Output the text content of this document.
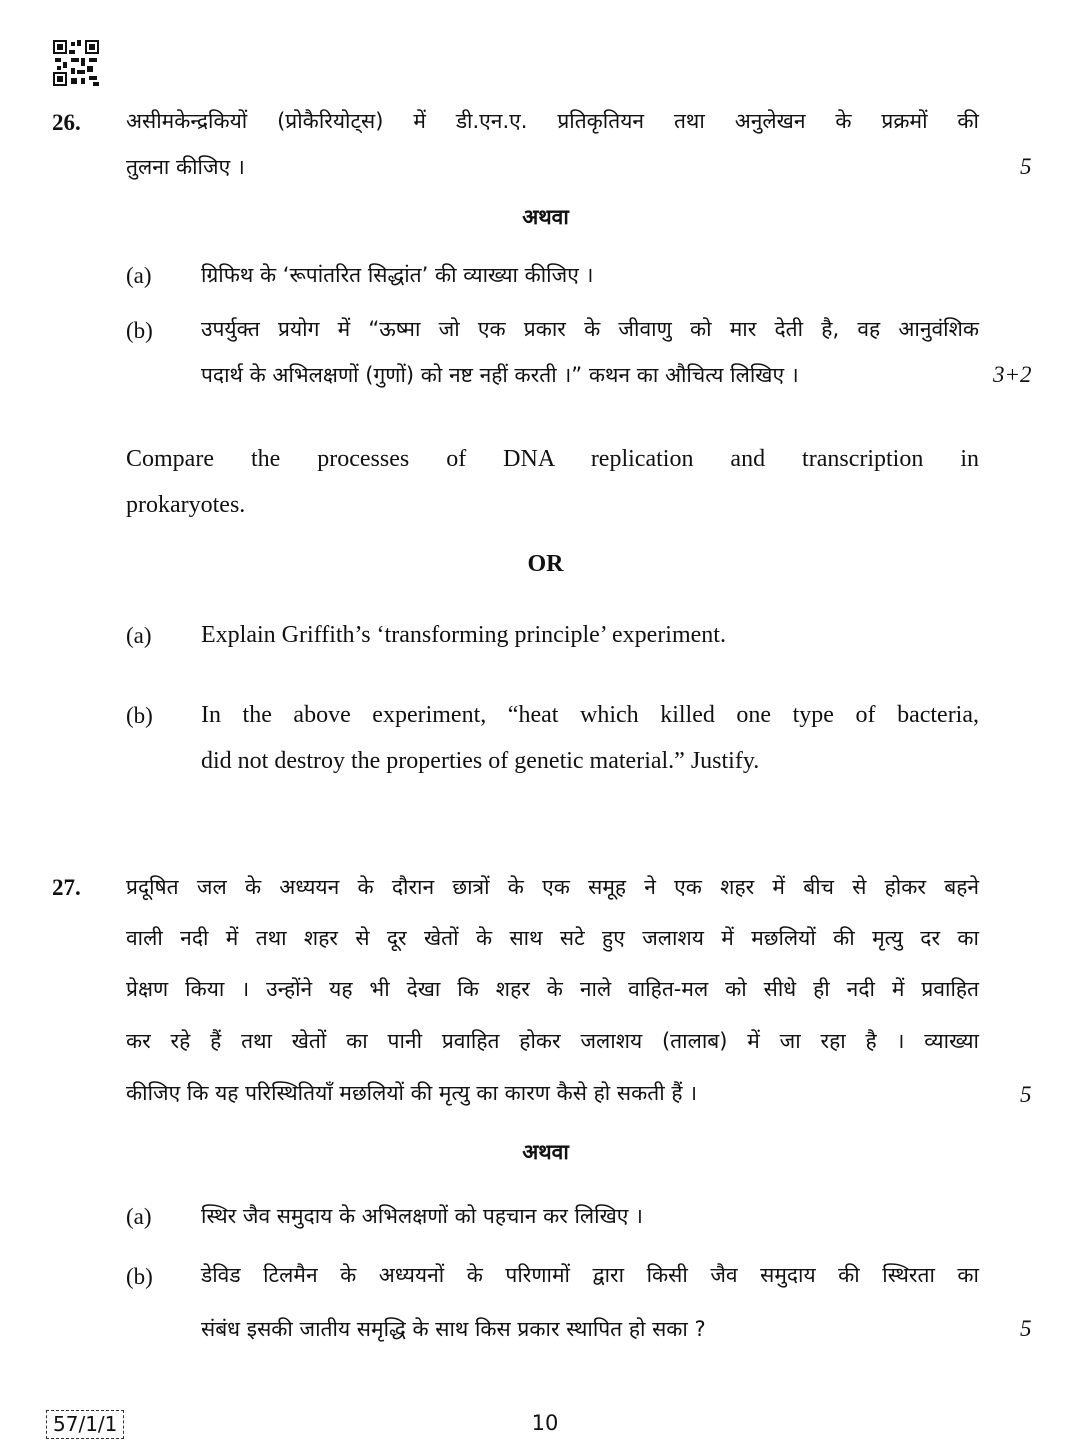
26. असीमकेन्द्रकियों (प्रोकैरियोट्स) में डी.एन.ए. प्रतिकृतियन तथा अनुलेखन के प्रक्रमों की

तुलना कीजिए ।	5

अथवा

(a) ग्रिफिथ के ‘रूपांतरित सिद्धांत’ की व्याख्या कीजिए ।

(b) उपर्युक्त प्रयोग में “ऊष्मा जो एक प्रकार के जीवाणु को मार देती है, वह आनुवंशिक

पदार्थ के अभिलक्षणों (गुणों) को नष्ट नहीं करती ।” कथन का औचित्य लिखिए ।	3+2

Compare the processes of DNA replication and transcription in

prokaryotes.

OR

(a) Explain Griffith’s ‘transforming principle’ experiment.

(b) In the above experiment, “heat which killed one type of bacteria,

did not destroy the properties of genetic material.” Justify.

27. प्रदूषित जल के अध्ययन के दौरान छात्रों के एक समूह ने एक शहर में बीच से होकर बहने

वाली नदी में तथा शहर से दूर खेतों के साथ सटे हुए जलाशय में मछलियों की मृत्यु दर का

प्रेक्षण किया । उन्होंने यह भी देखा कि शहर के नाले वाहित-मल को सीधे ही नदी में प्रवाहित

कर रहे हैं तथा खेतों का पानी प्रवाहित होकर जलाशय (तालाब) में जा रहा है । व्याख्या

कीजिए कि यह परिस्थितियाँ मछलियों की मृत्यु का कारण कैसे हो सकती हैं ।	5

अथवा

(a) स्थिर जैव समुदाय के अभिलक्षणों को पहचान कर लिखिए ।

(b) डेविड टिलमैन के अध्ययनों के परिणामों द्वारा किसी जैव समुदाय की स्थिरता का

संबंध इसकी जातीय समृद्धि के साथ किस प्रकार स्थापित हो सका ?	5
57/1/1	10
